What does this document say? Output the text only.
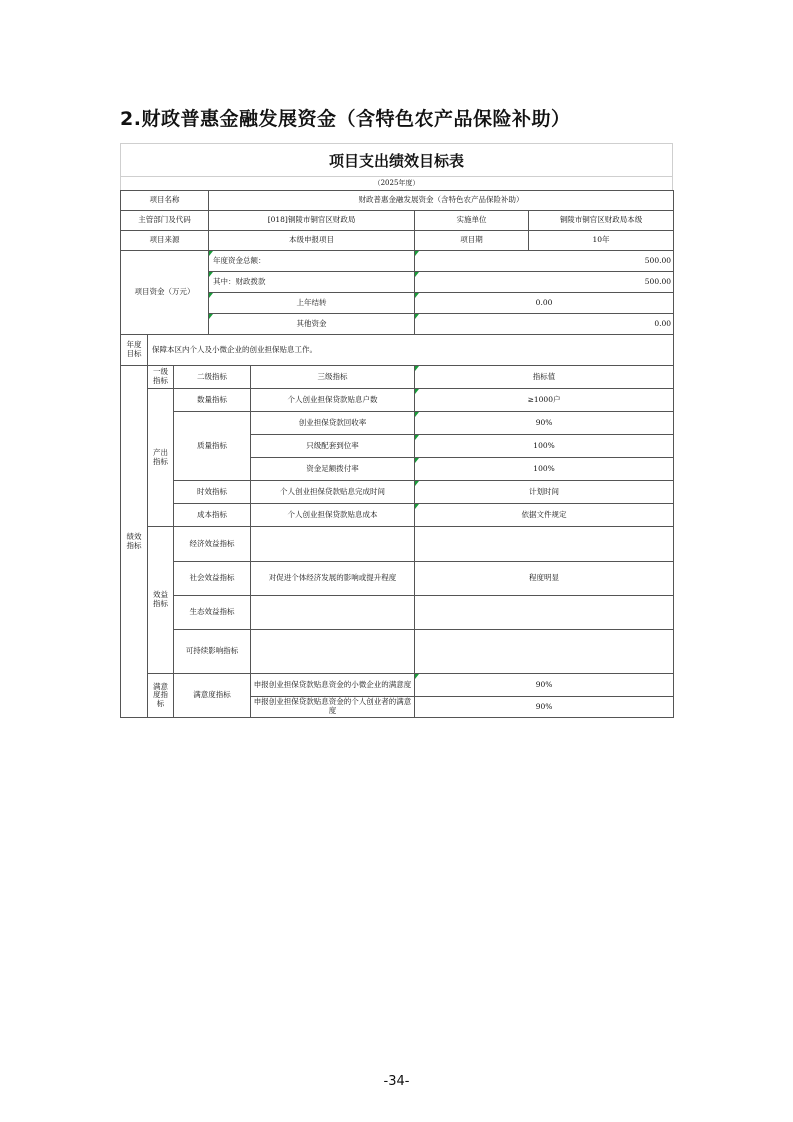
2.财政普惠金融发展资金（含特色农产品保险补助）
项目支出绩效目标表
（2025年度）
项目名称			财政普惠金融发展资金（含特色农产品保险补助）			
主管部门及代码			[018]铜陵市铜官区财政局		实施单位	铜陵市铜官区财政局本级
项目来源			本级申报项目		项目期	10年
项目资金（万元）			年度资金总额：		500.00	
			其中：财政拨款		500.00	
			上年结转		0.00	
			其他资金		0.00	
年度目标	保障本区内个人及小微企业的创业担保贴息工作。					
绩效指标	一级指标	二级指标		三级指标	指标值	
	产出指标	数量指标		个人创业担保贷款贴息户数	≥1000户	
		质量指标		创业担保贷款回收率	90%	
				只级配套到位率	100%	
				资金足额拨付率	100%	
		时效指标		个人创业担保贷款贴息完成时间	计划时间	
		成本指标		个人创业担保贷款贴息成本	依据文件规定	
	效益指标	经济效益指标				
		社会效益指标		对促进个体经济发展的影响或提升程度	程度明显	
		生态效益指标				
		可持续影响指标				
	满意度指标	满意度指标		申报创业担保贷款贴息资金的小微企业的满意度	90%	
				申报创业担保贷款贴息资金的个人创业者的满意度	90%	
-34-
